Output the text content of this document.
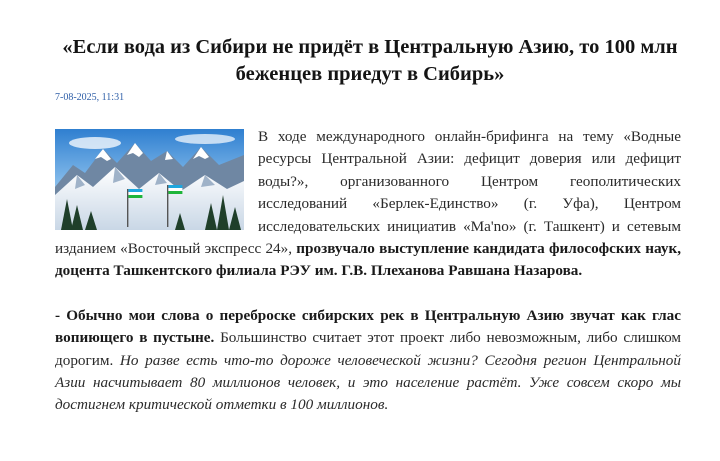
«Если вода из Сибири не придёт в Центральную Азию, то 100 млн беженцев приедут в Сибирь»
7-08-2025, 11:31

В ходе международного онлайн-брифинга на тему «Водные ресурсы Центральной Азии: дефицит доверия или дефицит воды?», организованного Центром геополитических исследований «Берлек-Единство» (г. Уфа), Центром исследовательских инициатив «Ma'no» (г. Ташкент) и сетевым изданием «Восточный экспресс 24», прозвучало выступление кандидата философских наук, доцента Ташкентского филиала РЭУ им. Г.В. Плеханова Равшана Назарова.

- Обычно мои слова о переброске сибирских рек в Центральную Азию звучат как глас вопиющего в пустыне. Большинство считает этот проект либо невозможным, либо слишком дорогим. Но разве есть что-то дороже человеческой жизни? Сегодня регион Центральной Азии насчитывает 80 миллионов человек, и это население растёт. Уже совсем скоро мы достигнем критической отметки в 100 миллионов.
